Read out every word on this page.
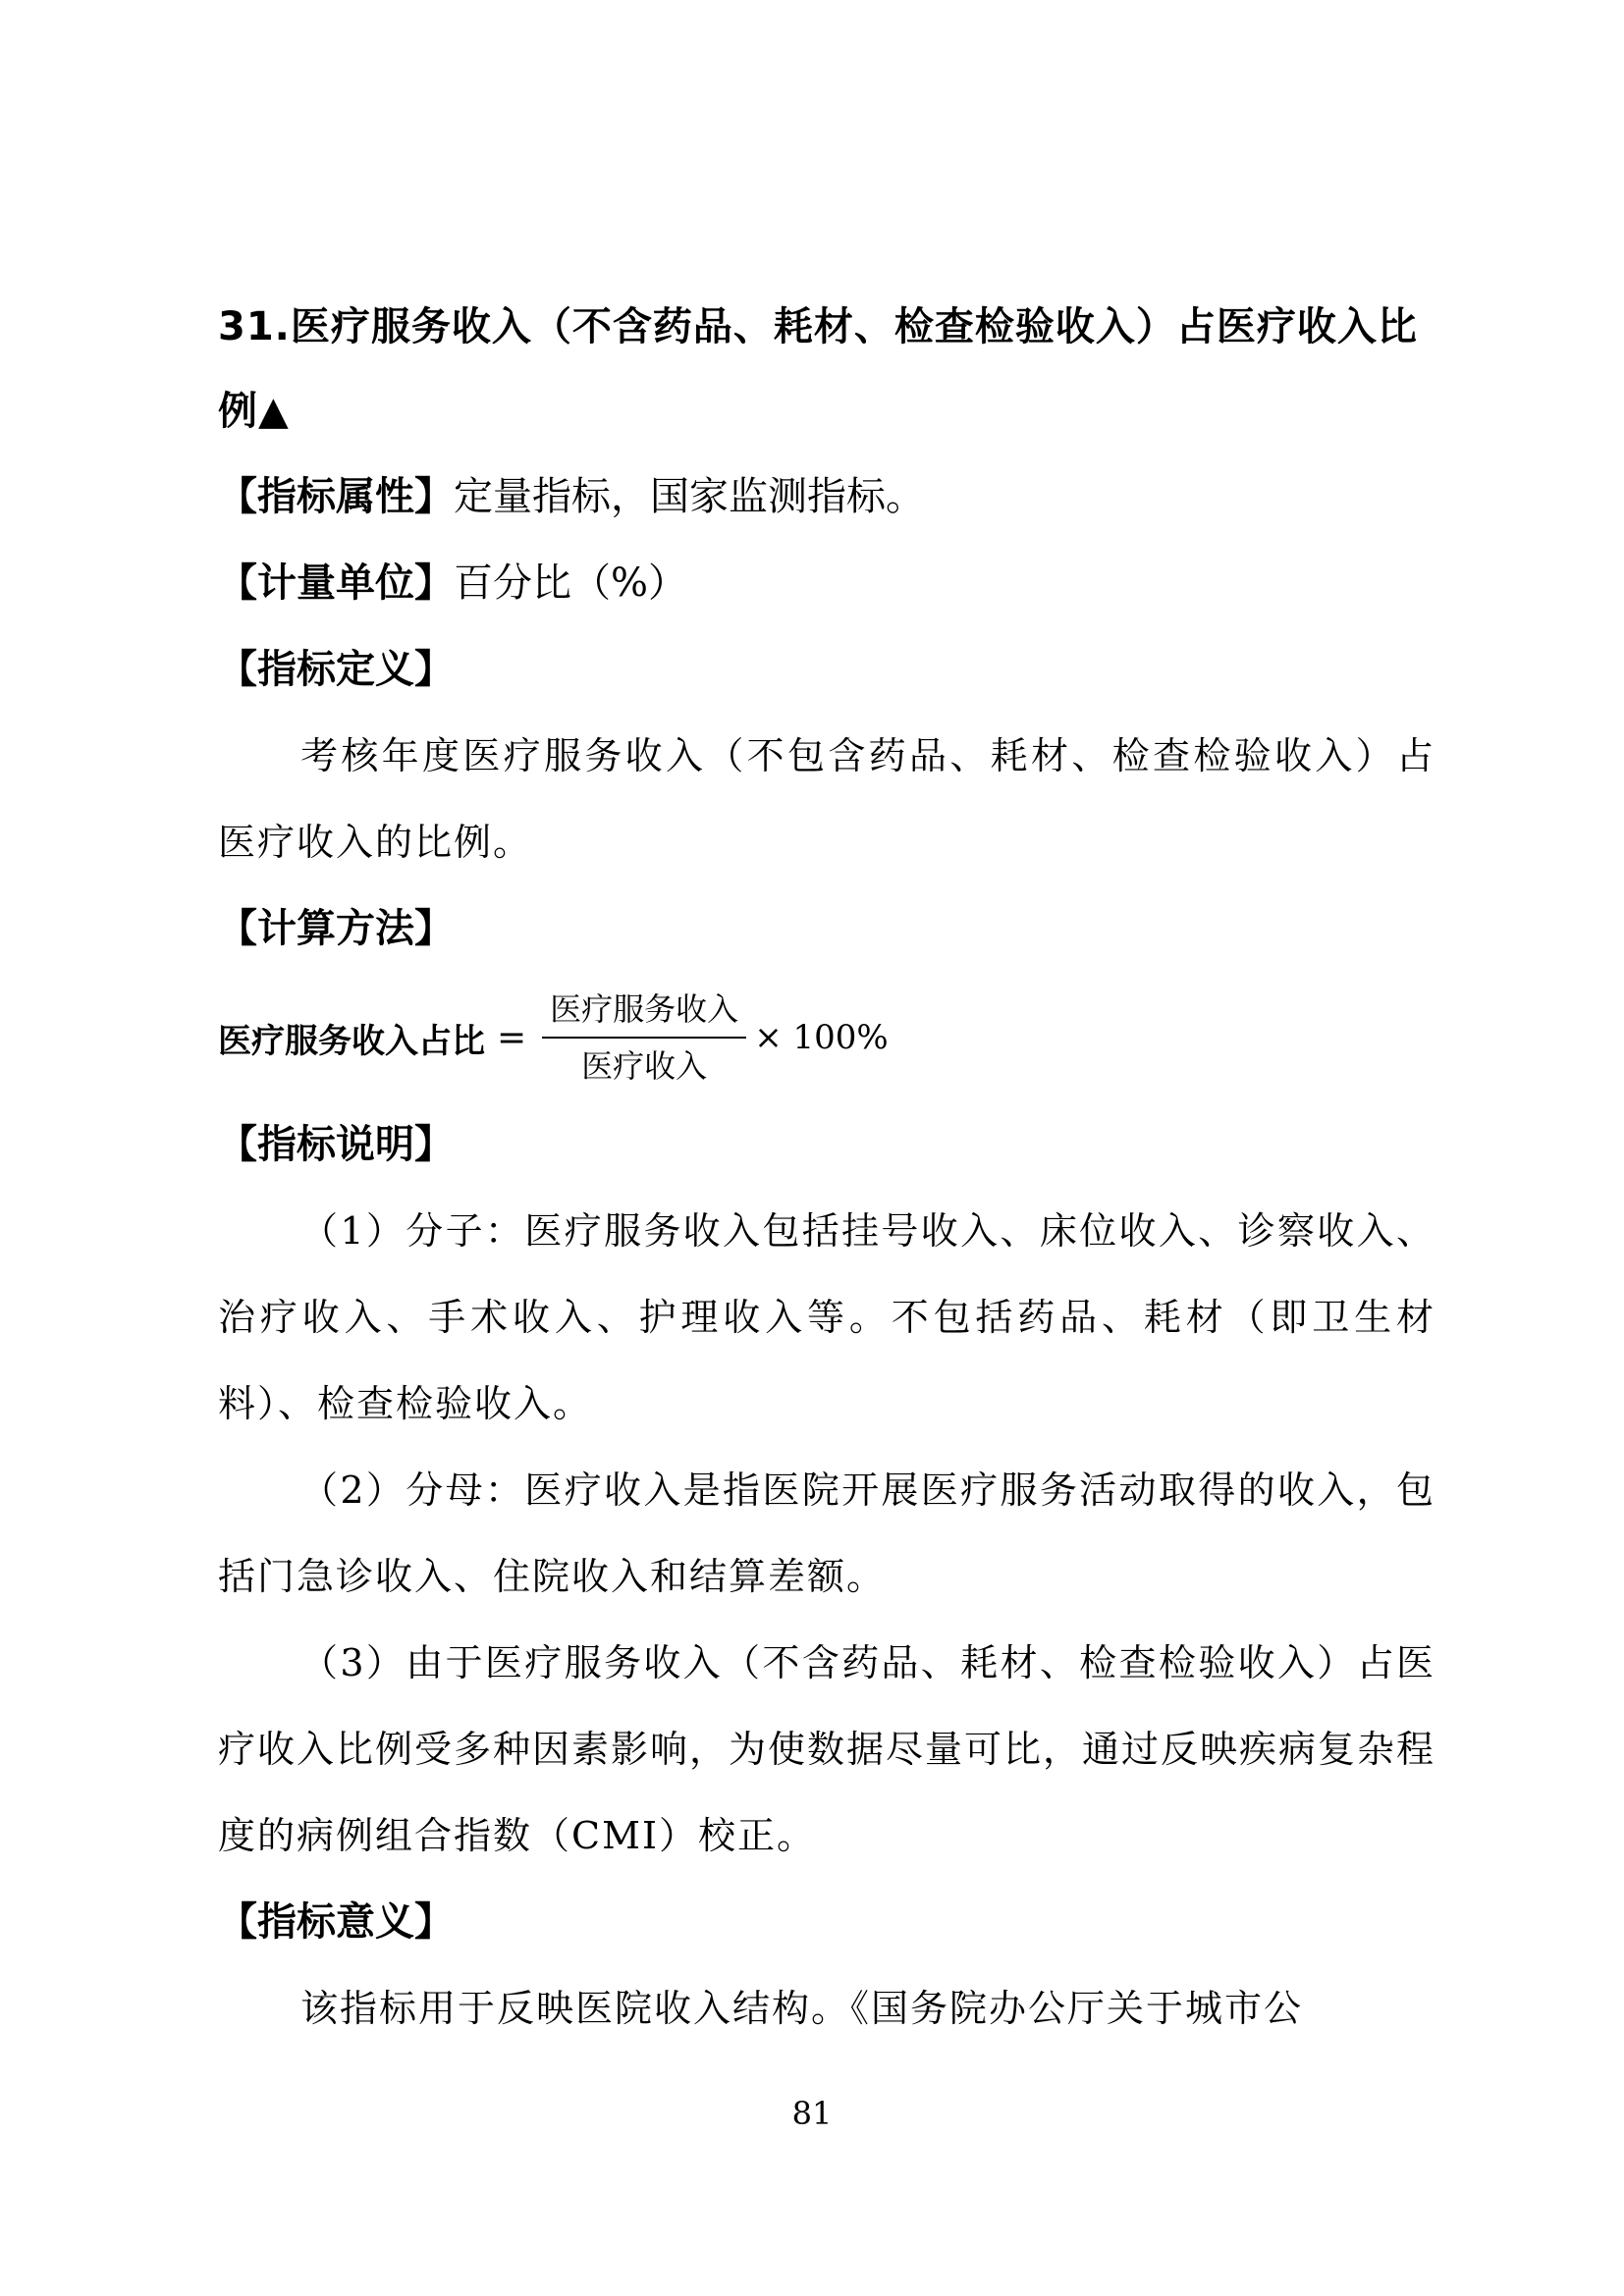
31.医疗服务收入（不含药品、耗材、检查检验收入）占医疗收入比例▲

【指标属性】定量指标，国家监测指标。

【计量单位】百分比（%）

【指标定义】

考核年度医疗服务收入（不包含药品、耗材、检查检验收入）占医疗收入的比例。

【计算方法】

医疗服务收入占比 = $\frac{\text{医疗服务收入}}{\text{医疗收入}} \times 100\%$

【指标说明】

（1）分子：医疗服务收入包括挂号收入、床位收入、诊察收入、治疗收入、手术收入、护理收入等。不包括药品、耗材（即卫生材料）、检查检验收入。

（2）分母：医疗收入是指医院开展医疗服务活动取得的收入，包括门急诊收入、住院收入和结算差额。

（3）由于医疗服务收入（不含药品、耗材、检查检验收入）占医疗收入比例受多种因素影响，为使数据尽量可比，通过反映疾病复杂程度的病例组合指数（CMI）校正。

【指标意义】

该指标用于反映医院收入结构。《国务院办公厅关于城市公

81
